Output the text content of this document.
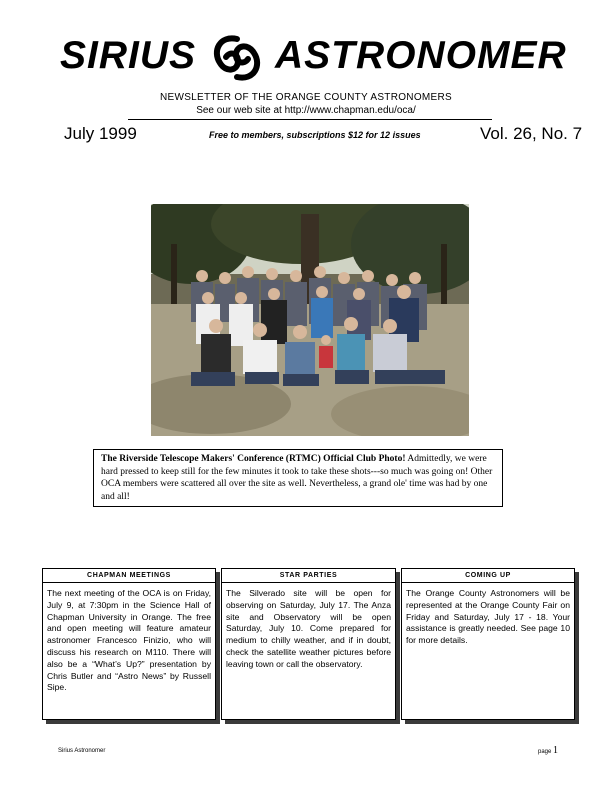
SIRIUS ASTRONOMER
NEWSLETTER OF THE ORANGE COUNTY ASTRONOMERS
See our web site at http://www.chapman.edu/oca/
July 1999	Free to members, subscriptions $12 for 12 issues	Vol. 26, No. 7
The Riverside Telescope Makers' Conference (RTMC) Official Club Photo! Admittedly, we were hard pressed to keep still for the few minutes it took to take these shots---so much was going on! Other OCA members were scattered all over the site as well. Nevertheless, a grand ole' time was had by one and all!
CHAPMAN MEETINGS
The next meeting of the OCA is on Friday, July 9, at 7:30pm in the Science Hall of Chapman University in Orange. The free and open meeting will feature amateur astronomer Francesco Finizio, who will discuss his research on M110. There will also be a “What’s Up?” presentation by Chris Butler and “Astro News” by Russell Sipe.
STAR PARTIES
The Silverado site will be open for observing on Saturday, July 17. The Anza site and Observatory will be open Saturday, July 10. Come prepared for medium to chilly weather, and if in doubt, check the satellite weather pictures before leaving town or call the observatory.
COMING UP
The Orange County Astronomers will be represented at the Orange County Fair on Friday and Saturday, July 17 - 18. Your assistance is greatly needed. See page 10 for more details.
Sirius Astronomer	page 1
